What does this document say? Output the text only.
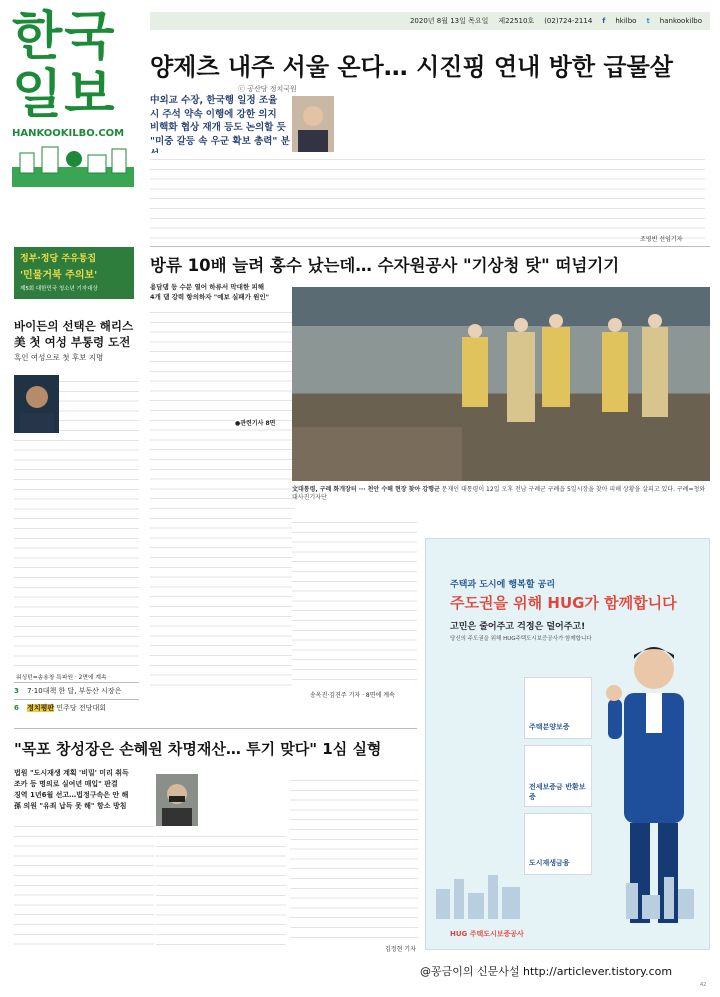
한국
일보
HANKOOKILBO.COM
정부·정당 주유통집
'민물거북 주의보'
제5회 대한민국 청소년 기자대상
2020년 8월 13일 목요일 제22510호 (02)724-2114 f hkilbo t hankookilbo
ⓒ 공산당 정치국원
양제츠 내주 서울 온다… 시진핑 연내 방한 급물살
中외교 수장, 한국행 일정 조율
시 주석 약속 이행에 강한 의지
비핵화 협상 재개 등도 논의할 듯
"미중 갈등 속 우군 확보 총력" 분
조영빈 선임기자
방류 10배 늘려 홍수 났는데… 수자원공사 "기상청 탓" 떠넘기기
용담댐 등 수문 열어 하류서 막대한 피해
4개 댐 강력 항의하자 "예보 실패가 원인"
●관련기사 8면
文대통령, 구례 화개장터 ··· 천안 수해 현장 찾아 강행군 문재인 대통령이 12일 오후 전남 구례군 구례읍 5일시장을 찾아 피해 상황을 살피고 있다. 구례=청와대사진기자단
송옥진·김진주 기자 · 8면에 계속
바이든의 선택은 해리스
美 첫 여성 부통령 도전
흑인 여성으로 첫 후보 지명
워싱턴=송용창 특파원 · 2면에 계속
3 7·10대책 한 달, 부동산 시장은
6 정치평판 민주당 전당대회
"목포 창성장은 손혜원 차명재산… 투기 맞다" 1심 실형
법원 "도시재생 계획 '비밀' 미리 취득
조카 등 명의로 실여년 매입" 판결
징역 1년6월 선고…법정구속은 안 해
孫 의원 "유죄 납득 못 해" 항소 방침
김정현 기자
주택과 도시에 행복할 공리
주도권을 위해 HUG가 함께합니다
고민은 줄어주고 걱정은 덜어주고!
당신의 주도권을 위해 HUG주택도시보증공사가 함께합니다
주택분양보증
전세보증금 반환보증
도시재생금융
HUG 주택도시보증공사
@꽁금이의 신문사설 http://articlever.tistory.com
42
